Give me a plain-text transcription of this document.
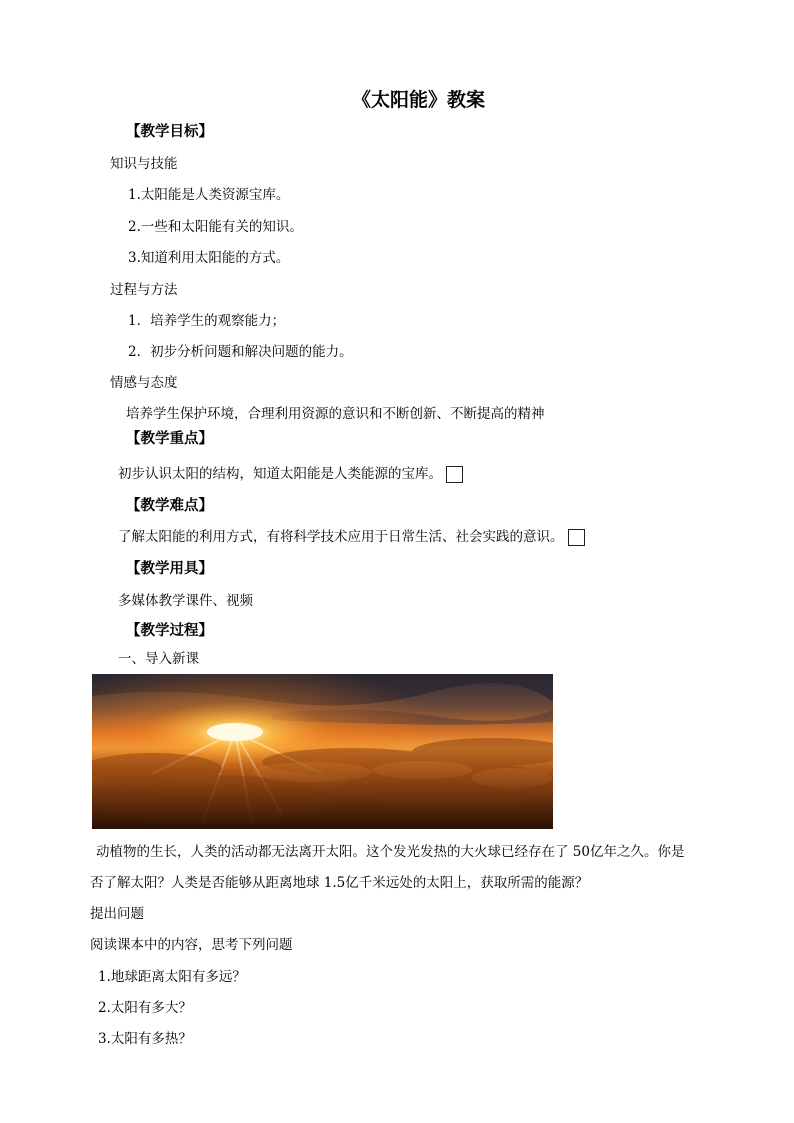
《太阳能》教案
【教学目标】
知识与技能
1.太阳能是人类资源宝库。
2.一些和太阳能有关的知识。
3.知道利用太阳能的方式。
过程与方法
1．培养学生的观察能力；
2．初步分析问题和解决问题的能力。
情感与态度
培养学生保护环境，合理利用资源的意识和不断创新、不断提高的精神
【教学重点】
初步认识太阳的结构，知道太阳能是人类能源的宝库。
【教学难点】
了解太阳能的利用方式，有将科学技术应用于日常生活、社会实践的意识。
【教学用具】
多媒体教学课件、视频
【教学过程】
一、导入新课
动植物的生长，人类的活动都无法离开太阳。这个发光发热的大火球已经存在了 50亿年之久。你是
否了解太阳？人类是否能够从距离地球 1.5亿千米远处的太阳上，获取所需的能源？
提出问题
阅读课本中的内容，思考下列问题
1.地球距离太阳有多远？
2.太阳有多大？
3.太阳有多热？
